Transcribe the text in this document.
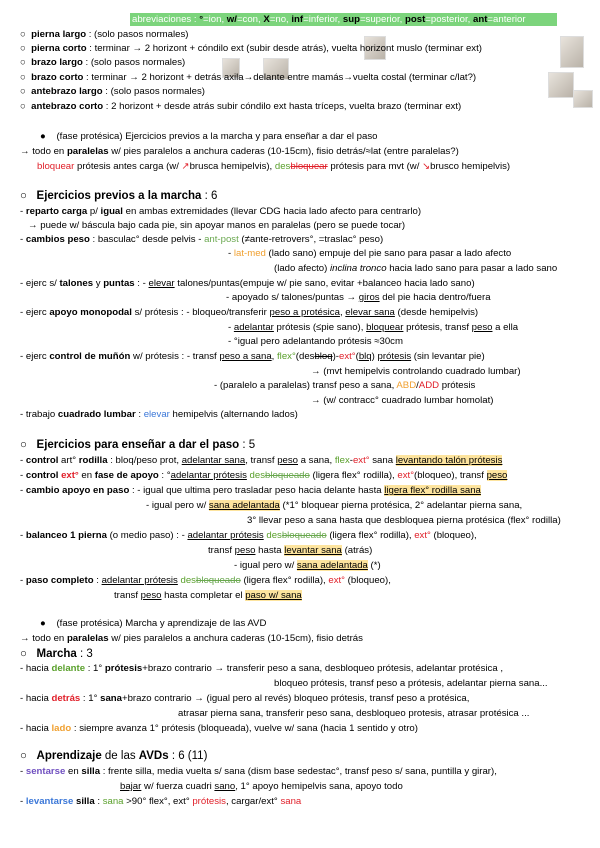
abreviaciones : °=ion, w/=con, X=no, inf=inferior, sup=superior, post=posterior, ant=anterior
○  pierna largo : (solo pasos normales)
○  pierna corto : terminar → 2 horizont + cóndilo ext (subir desde atrás), vuelta horizont muslo (terminar ext)
○  brazo largo : (solo pasos normales)
○  brazo corto : terminar → 2 horizont + detrás axila→delante entre mamás→vuelta costal (terminar c/lat?)
○  antebrazo largo : (solo pasos normales)
○  antebrazo corto : 2 horizont + desde atrás subir cóndilo ext hasta tríceps, vuelta brazo (terminar ext)
●    (fase protésica) Ejercicios previos a la marcha y para enseñar a dar el paso
→ todo en paralelas w/ pies paralelos a anchura caderas (10-15cm), fisio detrás/≈lat (entre paralelas?)
bloquear prótesis antes carga (w/ ↗brusca hemipelvis), desbloquear prótesis para mvt (w/ ↘brusco hemipelvis)
○   Ejercicios previos a la marcha : 6
- reparto carga p/ igual en ambas extremidades (llevar CDG hacia lado afecto para centrarlo)
→ puede w/ báscula bajo cada pie, sin apoyar manos en paralelas (pero se puede tocar)
- cambios peso : basculac° desde pelvis - ant-post (≠ante-retrovers°, =traslac° peso)
- lat-med (lado sano) empuje del pie sano para pasar a lado afecto
(lado afecto) inclina tronco hacia lado sano para pasar a lado sano
- ejerc s/ talones y puntas : - elevar talones/puntas(empuje w/ pie sano, evitar +balanceo hacia lado sano)
- apoyado s/ talones/puntas → giros del pie hacia dentro/fuera
- ejerc apoyo monopodal s/ prótesis : - bloqueo/transferir peso a protésica, elevar sana (desde hemipelvis)
- adelantar prótesis (≤pie sano), bloquear prótesis, transf peso a ella
- °igual pero adelantando prótesis ≈30cm
- ejerc control de muñón w/ prótesis : - transf peso a sana, flex°(desbloq)-ext°(blq) prótesis (sin levantar pie)
→ (mvt hemipelvis controlando cuadrado lumbar)
- (paralelo a paralelas) transf peso a sana, ABD/ADD prótesis
→ (w/ contracc° cuadrado lumbar homolat)
- trabajo cuadrado lumbar : elevar hemipelvis (alternando lados)
○   Ejercicios para enseñar a dar el paso : 5
- control art° rodilla : bloq/peso prot, adelantar sana, transf peso a sana, flex-ext° sana levantando talón prótesis
- control ext° en fase de apoyo : °adelantar prótesis desbloqueado (ligera flex° rodilla), ext°(bloqueo), transf peso
- cambio apoyo en paso : - igual que ultima pero trasladar peso hacia delante hasta ligera flex° rodilla sana
- igual pero w/ sana adelantada (*1° bloquear pierna protésica, 2° adelantar pierna sana,
3° llevar peso a sana hasta que desbloquea pierna protésica (flex° rodilla)
- balanceo 1 pierna (o medio paso) : - adelantar prótesis desbloqueado (ligera flex° rodilla), ext° (bloqueo),
transf peso hasta levantar sana (atrás)
- igual pero w/ sana adelantada (*)
- paso completo : adelantar prótesis desbloqueado (ligera flex° rodilla), ext° (bloqueo),
transf peso hasta completar el paso w/ sana
●    (fase protésica) Marcha y aprendizaje de las AVD
→ todo en paralelas w/ pies paralelos a anchura caderas (10-15cm), fisio detrás
○   Marcha : 3
- hacia delante : 1° prótesis+brazo contrario → transferir peso a sana, desbloqueo prótesis, adelantar protésica ,
bloqueo prótesis, transf peso a prótesis, adelantar pierna sana...
- hacia detrás : 1° sana+brazo contrario → (igual pero al revés) bloqueo prótesis, transf peso a protésica,
atrasar pierna sana, transferir peso sana, desbloqueo protesis, atrasar protésica ...
- hacia lado : siempre avanza 1° prótesis (bloqueada), vuelve w/ sana (hacia 1 sentido y otro)
○   Aprendizaje de las AVDs : 6 (11)
- sentarse en silla : frente silla, media vuelta s/ sana (dism base sedestac°, transf peso s/ sana, puntilla y girar),
bajar w/ fuerza cuadri sano, 1° apoyo hemipelvis sana, apoyo todo
- levantarse silla : sana >90° flex°, ext° prótesis, cargar/ext° sana
